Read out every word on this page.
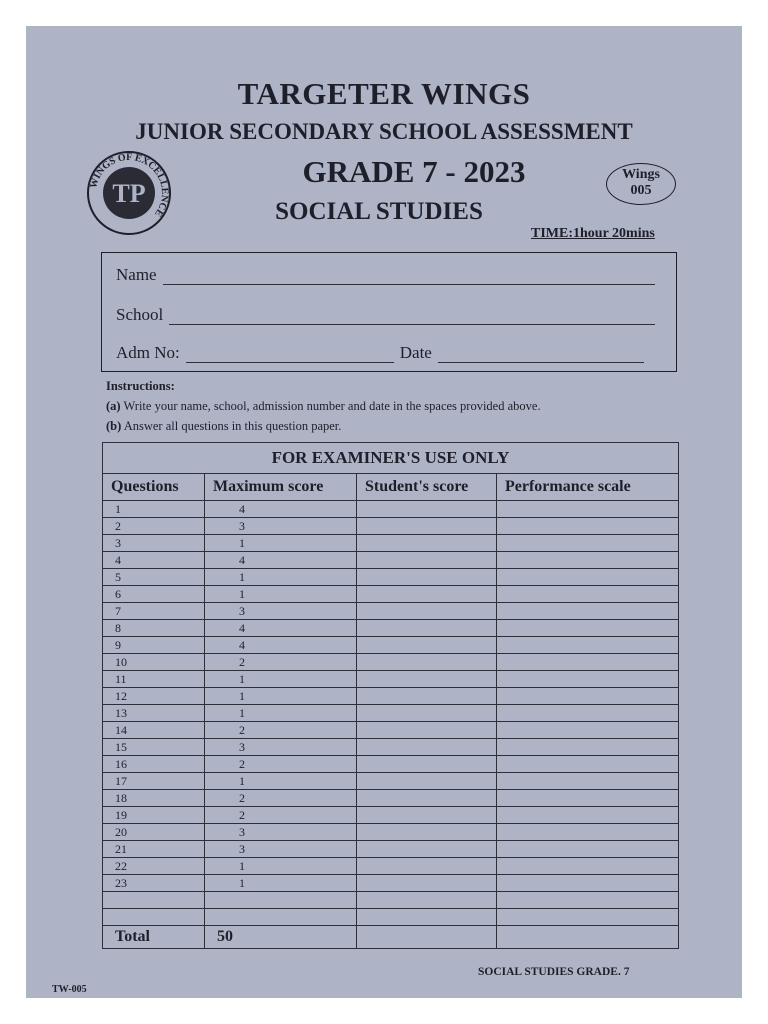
WINGS OF EXCELLENCE
TP
TARGETER WINGS
JUNIOR SECONDARY SCHOOL ASSESSMENT
GRADE 7 - 2023
SOCIAL STUDIES
Wings
005
TIME:1hour 20mins
Name
School
Adm No:	Date
Instructions:
(a) Write your name, school, admission number and date in the spaces provided above.
(b) Answer all questions in this question paper.
FOR EXAMINER'S USE ONLY			
Questions	Maximum score	Student's score	Performance scale
1	4		
2	3		
3	1		
4	4		
5	1		
6	1		
7	3		
8	4		
9	4		
10	2		
11	1		
12	1		
13	1		
14	2		
15	3		
16	2		
17	1		
18	2		
19	2		
20	3		
21	3		
22	1		
23	1		

Total	50		
SOCIAL STUDIES GRADE. 7
TW-005
